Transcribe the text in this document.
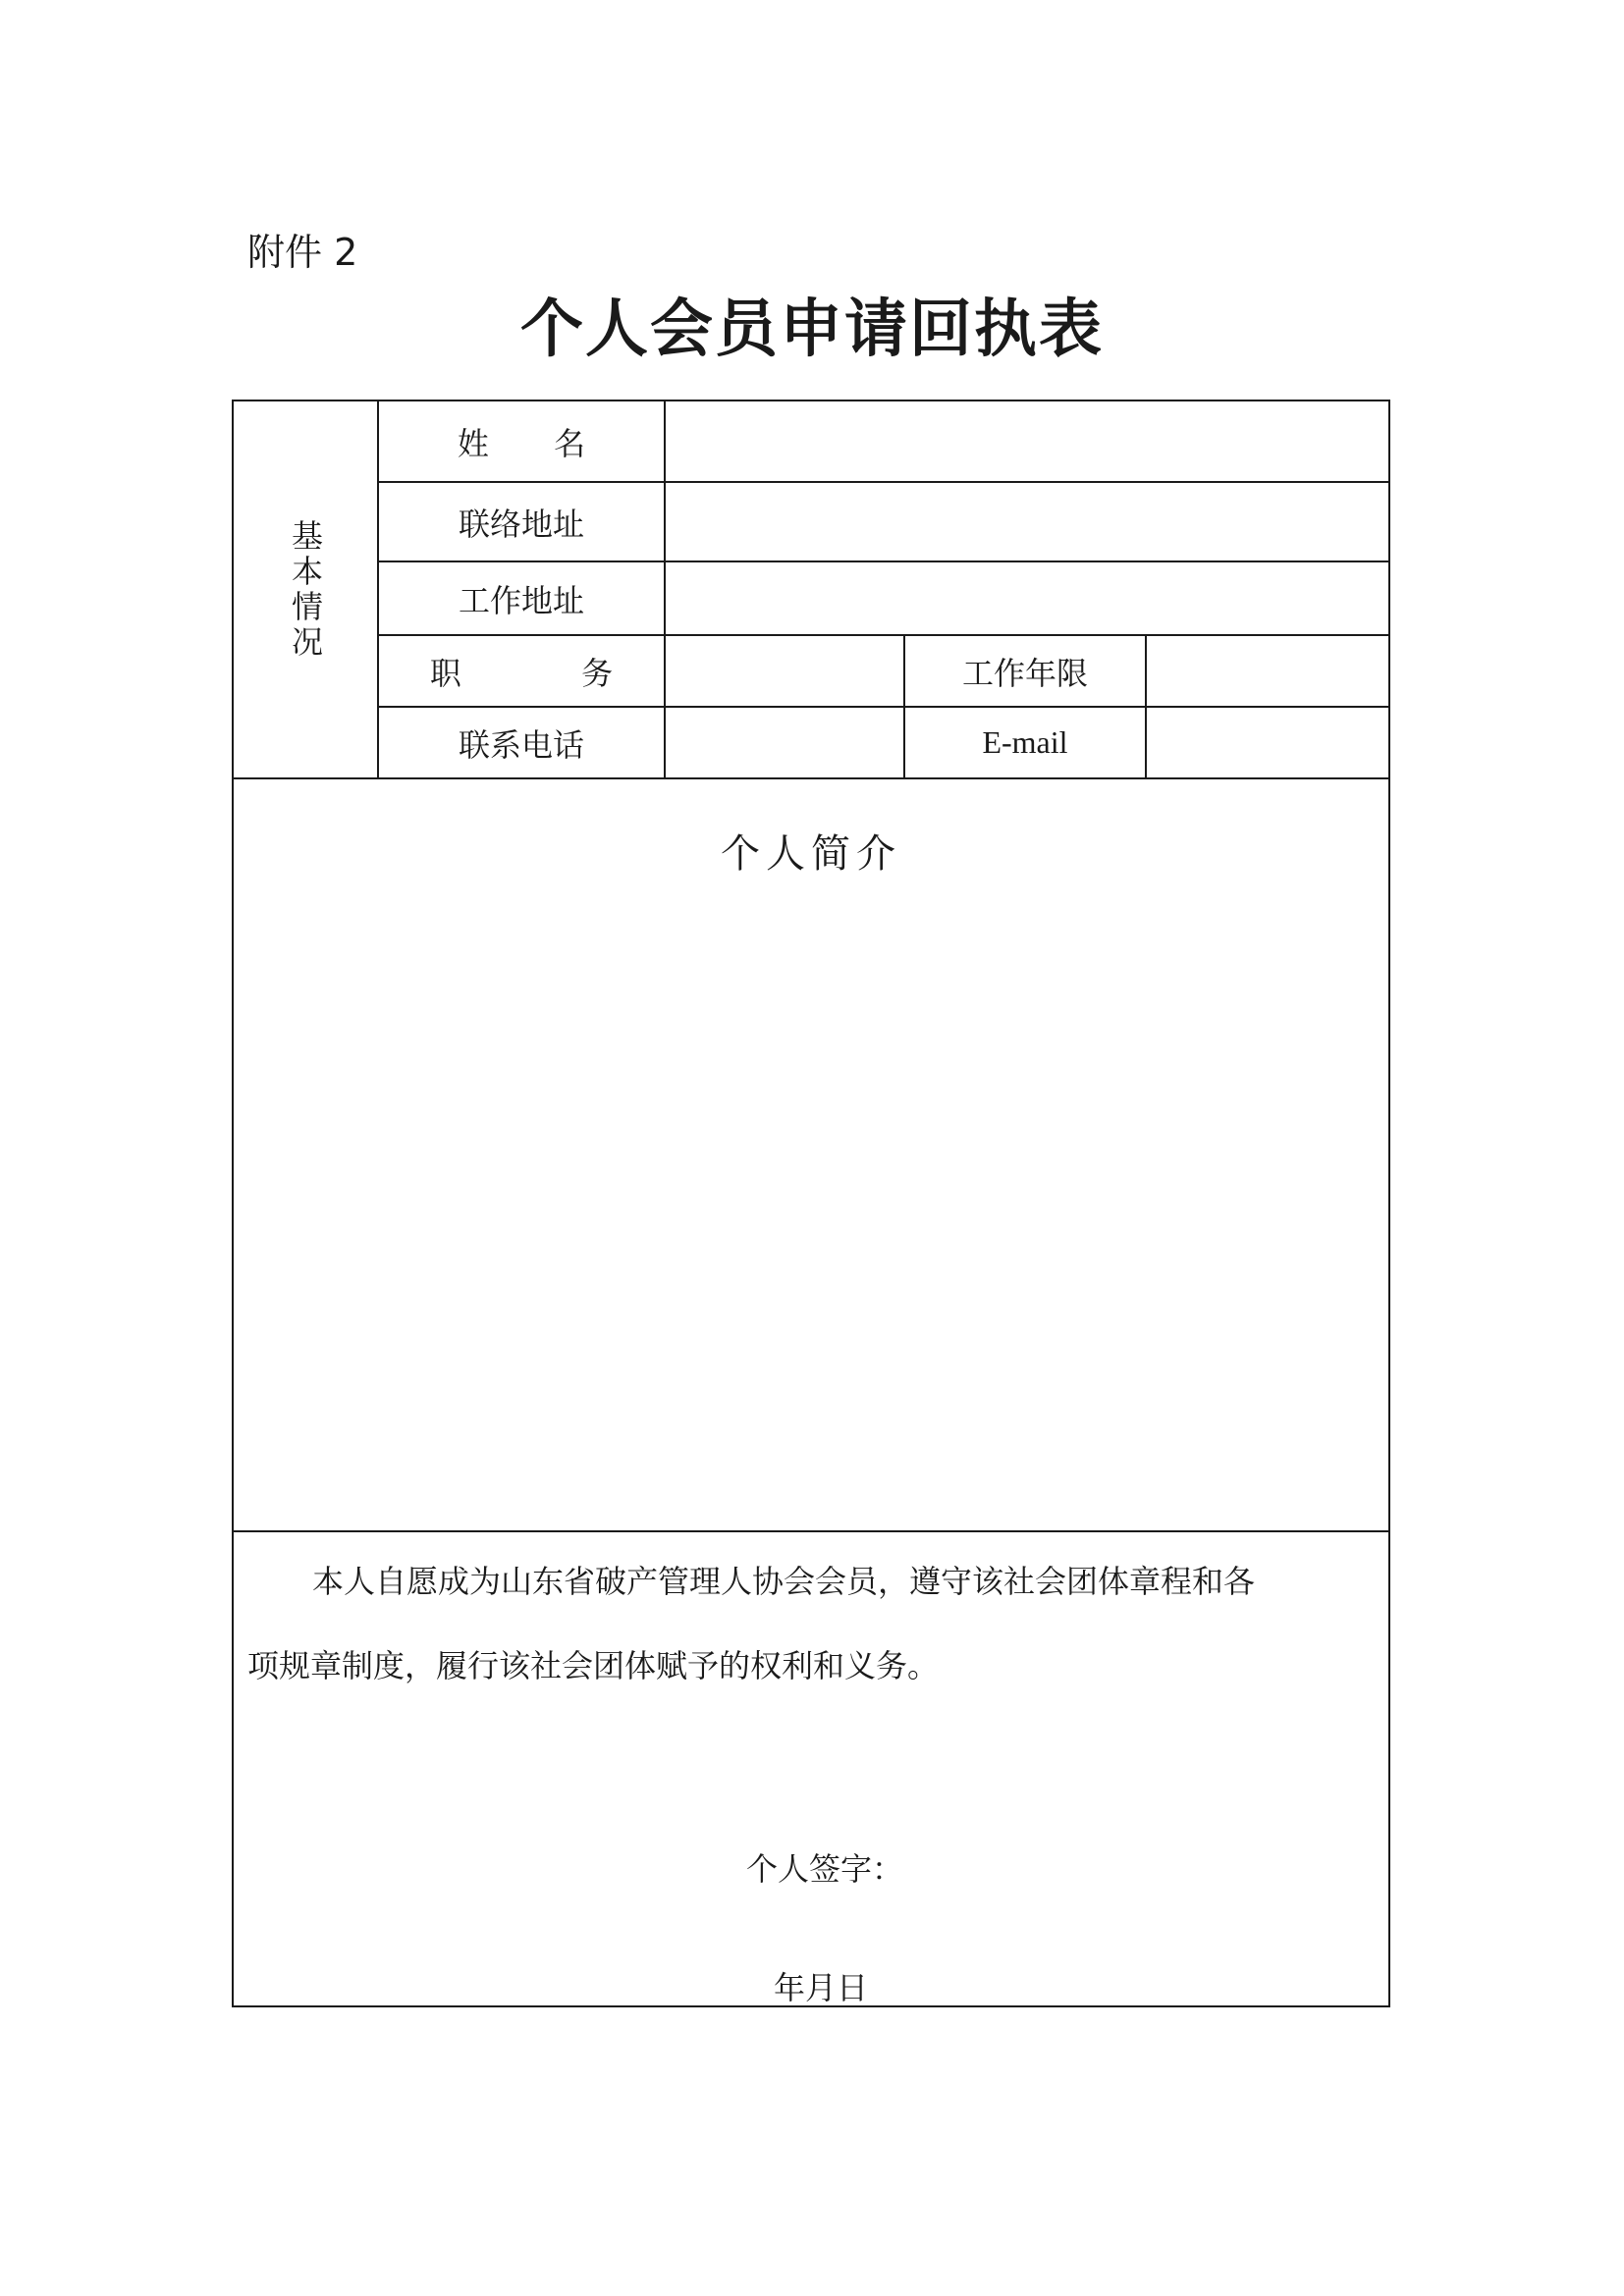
附件 2
个人会员申请回执表
基本情况
姓 名
联络地址
工作地址
职 务	工作年限
联系电话	E-mail
个人简介
本人自愿成为山东省破产管理人协会会员，遵守该社会团体章程和各
项规章制度，履行该社会团体赋予的权利和义务。
个人签字：
年月日
